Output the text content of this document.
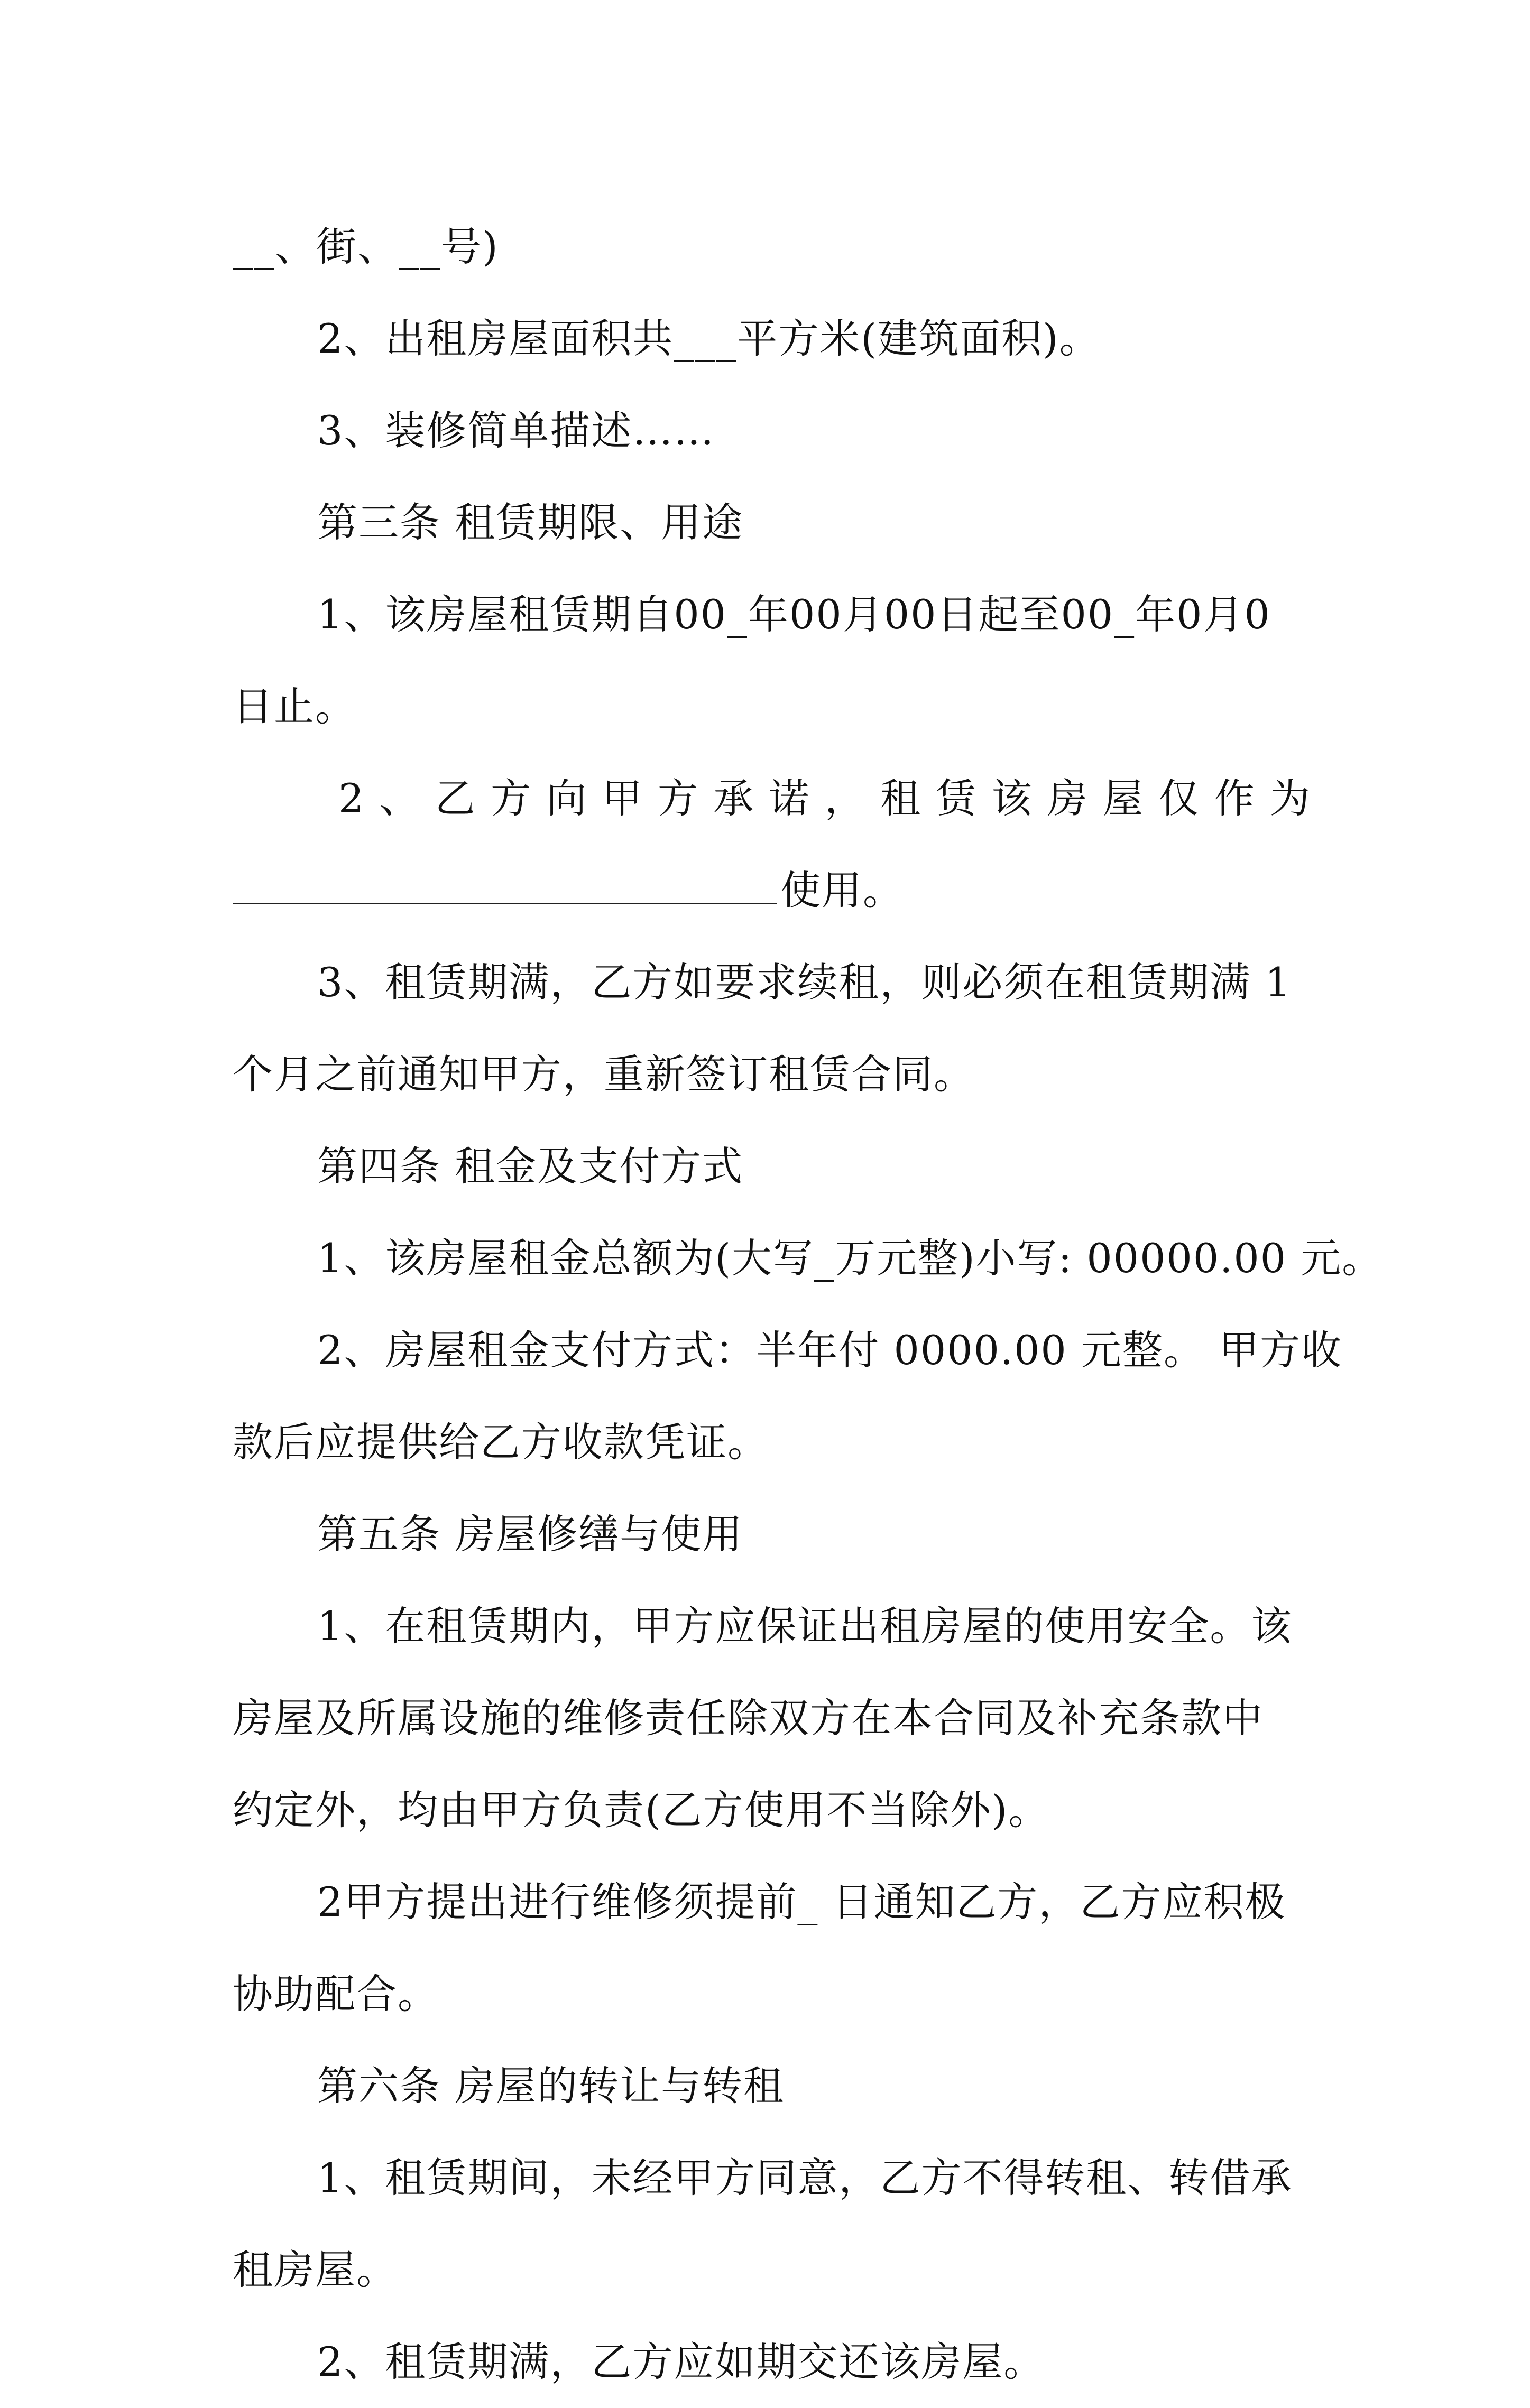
__、街、__号)
2、出租房屋面积共___平方米(建筑面积)。
3、装修简单描述……
第三条 租赁期限、用途
1、该房屋租赁期自00_年00月00日起至00_年0月0
日止。
2 、 乙 方 向 甲 方 承 诺 ， 租 赁 该 房 屋 仅 作 为
使用。
3、租赁期满，乙方如要求续租，则必须在租赁期满 1
个月之前通知甲方，重新签订租赁合同。
第四条 租金及支付方式
1、该房屋租金总额为(大写_万元整)小写: 00000.00 元。
2、房屋租金支付方式：半年付 0000.00 元整。 甲方收
款后应提供给乙方收款凭证。
第五条 房屋修缮与使用
1、在租赁期内，甲方应保证出租房屋的使用安全。该
房屋及所属设施的维修责任除双方在本合同及补充条款中
约定外，均由甲方负责(乙方使用不当除外)。
2甲方提出进行维修须提前_ 日通知乙方，乙方应积极
协助配合。
第六条 房屋的转让与转租
1、租赁期间，未经甲方同意，乙方不得转租、转借承
租房屋。
2、租赁期满，乙方应如期交还该房屋。
